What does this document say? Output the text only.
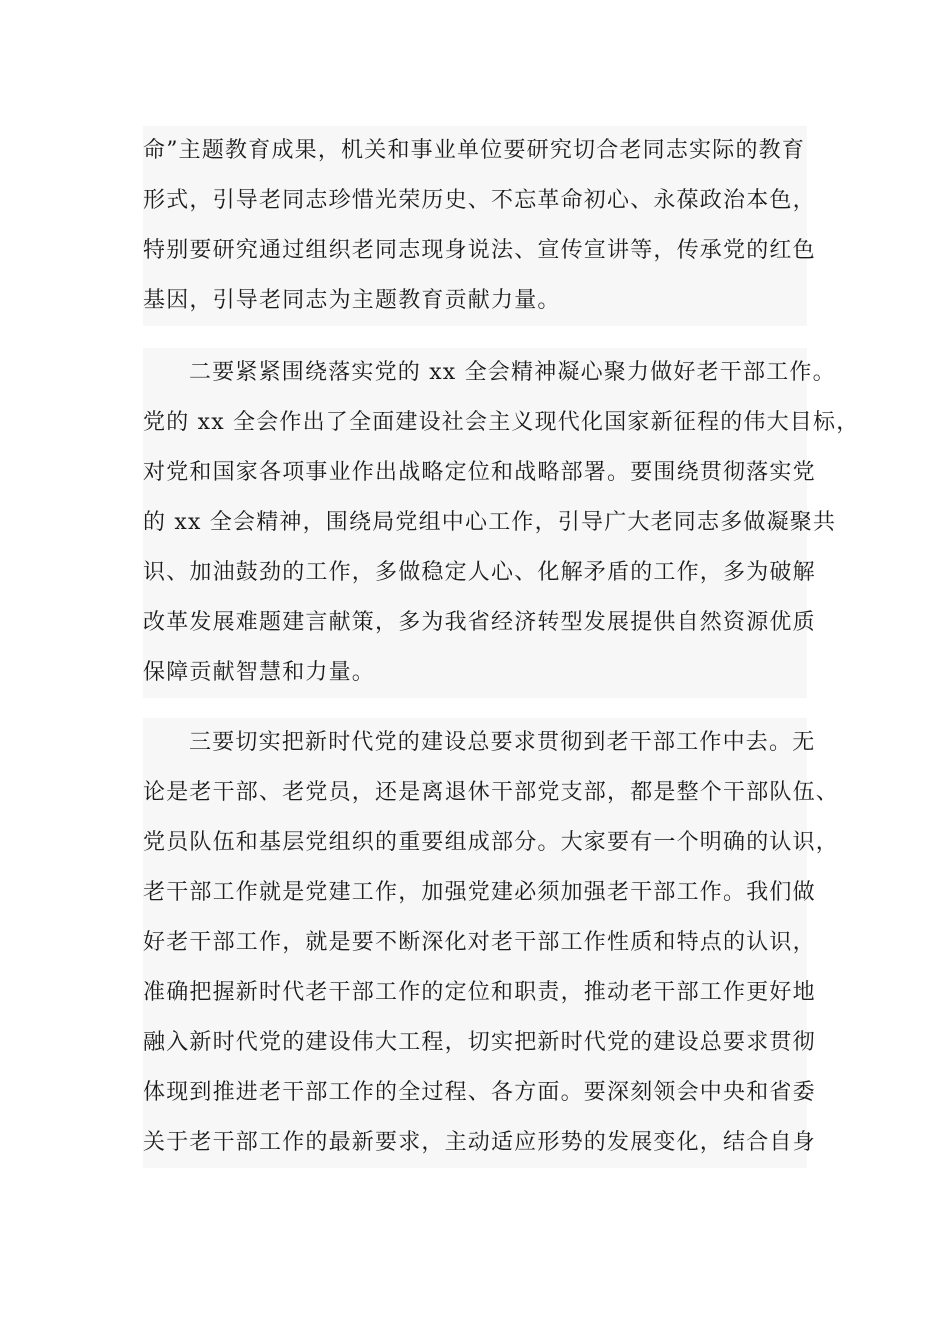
命”主题教育成果，机关和事业单位要研究切合老同志实际的教育
形式，引导老同志珍惜光荣历史、不忘革命初心、永葆政治本色，
特别要研究通过组织老同志现身说法、宣传宣讲等，传承党的红色
基因，引导老同志为主题教育贡献力量。
二要紧紧围绕落实党的 xx 全会精神凝心聚力做好老干部工作。
党的 xx 全会作出了全面建设社会主义现代化国家新征程的伟大目标，
对党和国家各项事业作出战略定位和战略部署。要围绕贯彻落实党
的 xx 全会精神，围绕局党组中心工作，引导广大老同志多做凝聚共
识、加油鼓劲的工作，多做稳定人心、化解矛盾的工作，多为破解
改革发展难题建言献策，多为我省经济转型发展提供自然资源优质
保障贡献智慧和力量。
三要切实把新时代党的建设总要求贯彻到老干部工作中去。无
论是老干部、老党员，还是离退休干部党支部，都是整个干部队伍、
党员队伍和基层党组织的重要组成部分。大家要有一个明确的认识，
老干部工作就是党建工作，加强党建必须加强老干部工作。我们做
好老干部工作，就是要不断深化对老干部工作性质和特点的认识，
准确把握新时代老干部工作的定位和职责，推动老干部工作更好地
融入新时代党的建设伟大工程，切实把新时代党的建设总要求贯彻
体现到推进老干部工作的全过程、各方面。要深刻领会中央和省委
关于老干部工作的最新要求，主动适应形势的发展变化，结合自身
